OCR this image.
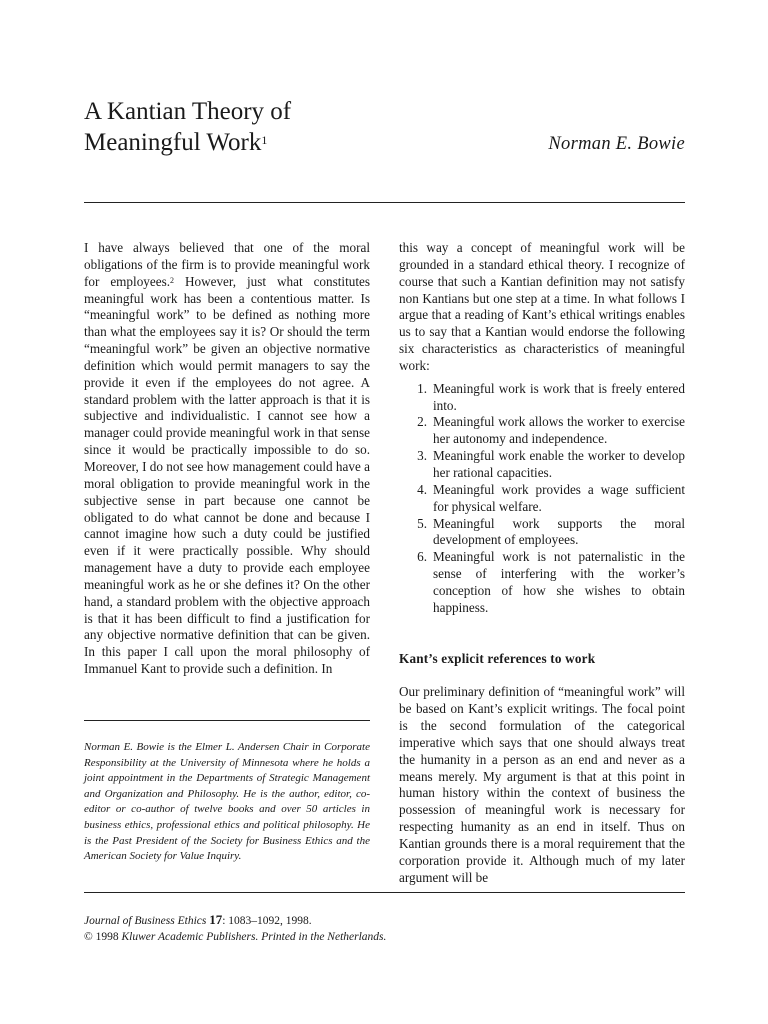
A Kantian Theory of
Meaningful Work$^1$	Norman E. Bowie

I have always believed that one of the moral obligations of the firm is to provide meaningful work for employees.$^2$ However, just what constitutes meaningful work has been a contentious matter. Is “meaningful work” to be defined as nothing more than what the employees say it is? Or should the term “meaningful work” be given an objective normative definition which would permit managers to say the provide it even if the employees do not agree. A standard problem with the latter approach is that it is subjective and individualistic. I cannot see how a manager could provide meaningful work in that sense since it would be practically impossible to do so. Moreover, I do not see how management could have a moral obligation to provide meaningful work in the subjective sense in part because one cannot be obligated to do what cannot be done and because I cannot imagine how such a duty could be justified even if it were practically possible. Why should management have a duty to provide each employee meaningful work as he or she defines it? On the other hand, a standard problem with the objective approach is that it has been difficult to find a justification for any objective normative definition that can be given. In this paper I call upon the moral philosophy of Immanuel Kant to provide such a definition. In

Norman E. Bowie is the Elmer L. Andersen Chair in Corporate Responsibility at the University of Minnesota where he holds a joint appointment in the Departments of Strategic Management and Organization and Philosophy. He is the author, editor, co-editor or co-author of twelve books and over 50 articles in business ethics, professional ethics and political philosophy. He is the Past President of the Society for Business Ethics and the American Society for Value Inquiry.

this way a concept of meaningful work will be grounded in a standard ethical theory. I recognize of course that such a Kantian definition may not satisfy non Kantians but one step at a time. In what follows I argue that a reading of Kant’s ethical writings enables us to say that a Kantian would endorse the following six characteristics as characteristics of meaningful work:

1. Meaningful work is work that is freely entered into.
2. Meaningful work allows the worker to exercise her autonomy and independence.
3. Meaningful work enable the worker to develop her rational capacities.
4. Meaningful work provides a wage sufficient for physical welfare.
5. Meaningful work supports the moral development of employees.
6. Meaningful work is not paternalistic in the sense of interfering with the worker’s conception of how she wishes to obtain happiness.

Kant’s explicit references to work

Our preliminary definition of “meaningful work” will be based on Kant’s explicit writings. The focal point is the second formulation of the categorical imperative which says that one should always treat the humanity in a person as an end and never as a means merely. My argument is that at this point in human history within the context of business the possession of meaningful work is necessary for respecting humanity as an end in itself. Thus on Kantian grounds there is a moral requirement that the corporation provide it. Although much of my later argument will be

Journal of Business Ethics 17: 1083–1092, 1998.
© 1998 Kluwer Academic Publishers. Printed in the Netherlands.
